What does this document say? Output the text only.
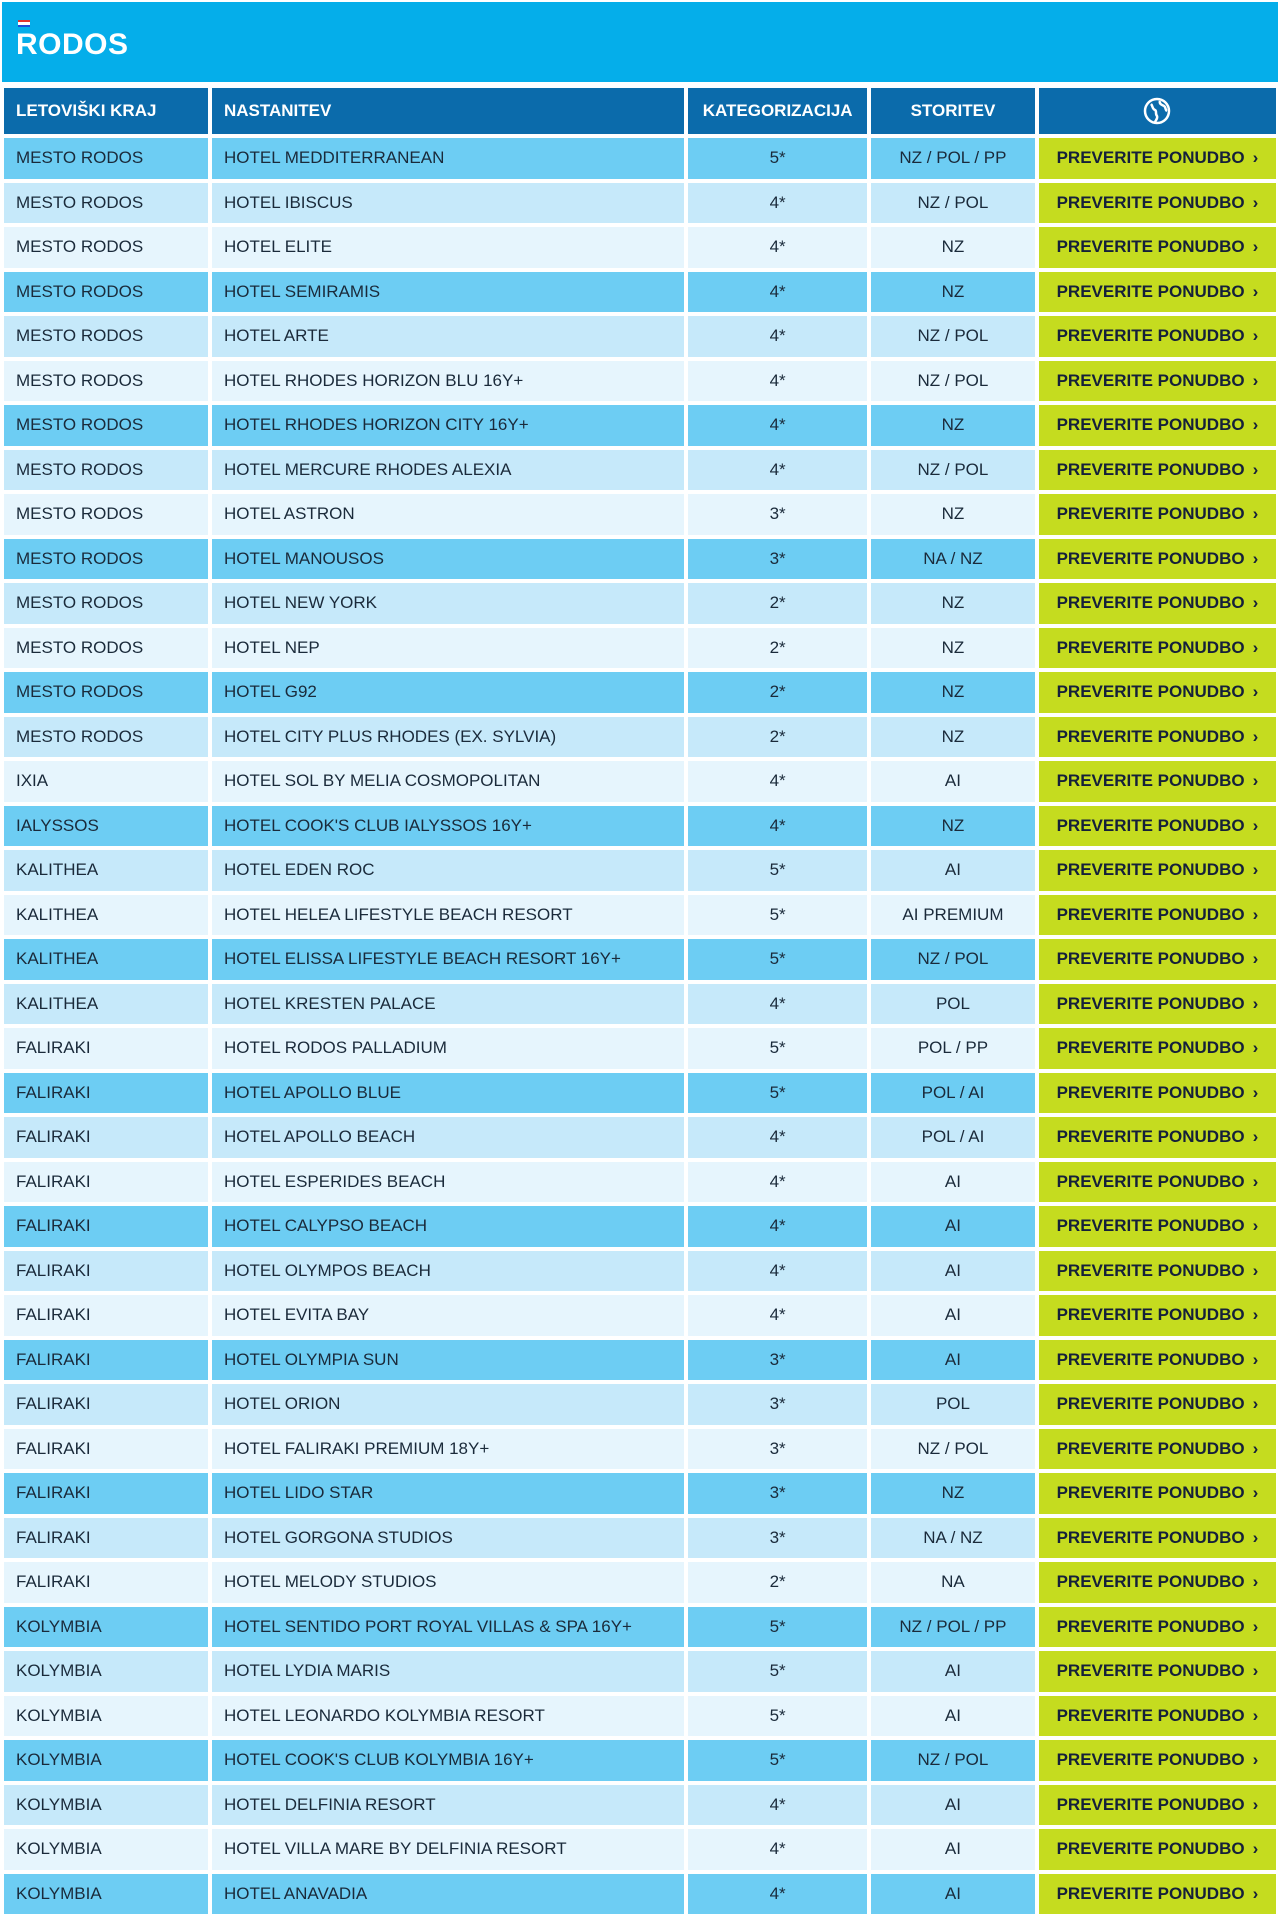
RODOS
LETOVIŠKI KRAJ	NASTANITEV	KATEGORIZACIJA	STORITEV	

MESTO RODOS	HOTEL MEDDITERRANEAN	5*	NZ / POL / PP	PREVERITE PONUDBO ›
MESTO RODOS	HOTEL IBISCUS	4*	NZ / POL	PREVERITE PONUDBO ›
MESTO RODOS	HOTEL ELITE	4*	NZ	PREVERITE PONUDBO ›
MESTO RODOS	HOTEL SEMIRAMIS	4*	NZ	PREVERITE PONUDBO ›
MESTO RODOS	HOTEL ARTE	4*	NZ / POL	PREVERITE PONUDBO ›
MESTO RODOS	HOTEL RHODES HORIZON BLU 16Y+	4*	NZ / POL	PREVERITE PONUDBO ›
MESTO RODOS	HOTEL RHODES HORIZON CITY 16Y+	4*	NZ	PREVERITE PONUDBO ›
MESTO RODOS	HOTEL MERCURE RHODES ALEXIA	4*	NZ / POL	PREVERITE PONUDBO ›
MESTO RODOS	HOTEL ASTRON	3*	NZ	PREVERITE PONUDBO ›
MESTO RODOS	HOTEL MANOUSOS	3*	NA / NZ	PREVERITE PONUDBO ›
MESTO RODOS	HOTEL NEW YORK	2*	NZ	PREVERITE PONUDBO ›
MESTO RODOS	HOTEL NEP	2*	NZ	PREVERITE PONUDBO ›
MESTO RODOS	HOTEL G92	2*	NZ	PREVERITE PONUDBO ›
MESTO RODOS	HOTEL CITY PLUS RHODES (EX. SYLVIA)	2*	NZ	PREVERITE PONUDBO ›
IXIA	HOTEL SOL BY MELIA COSMOPOLITAN	4*	AI	PREVERITE PONUDBO ›
IALYSSOS	HOTEL COOK'S CLUB IALYSSOS 16Y+	4*	NZ	PREVERITE PONUDBO ›
KALITHEA	HOTEL EDEN ROC	5*	AI	PREVERITE PONUDBO ›
KALITHEA	HOTEL HELEA LIFESTYLE BEACH RESORT	5*	AI PREMIUM	PREVERITE PONUDBO ›
KALITHEA	HOTEL ELISSA LIFESTYLE BEACH RESORT 16Y+	5*	NZ / POL	PREVERITE PONUDBO ›
KALITHEA	HOTEL KRESTEN PALACE	4*	POL	PREVERITE PONUDBO ›
FALIRAKI	HOTEL RODOS PALLADIUM	5*	POL / PP	PREVERITE PONUDBO ›
FALIRAKI	HOTEL APOLLO BLUE	5*	POL / AI	PREVERITE PONUDBO ›
FALIRAKI	HOTEL APOLLO BEACH	4*	POL / AI	PREVERITE PONUDBO ›
FALIRAKI	HOTEL ESPERIDES BEACH	4*	AI	PREVERITE PONUDBO ›
FALIRAKI	HOTEL CALYPSO BEACH	4*	AI	PREVERITE PONUDBO ›
FALIRAKI	HOTEL OLYMPOS BEACH	4*	AI	PREVERITE PONUDBO ›
FALIRAKI	HOTEL EVITA BAY	4*	AI	PREVERITE PONUDBO ›
FALIRAKI	HOTEL OLYMPIA SUN	3*	AI	PREVERITE PONUDBO ›
FALIRAKI	HOTEL ORION	3*	POL	PREVERITE PONUDBO ›
FALIRAKI	HOTEL FALIRAKI PREMIUM 18Y+	3*	NZ / POL	PREVERITE PONUDBO ›
FALIRAKI	HOTEL LIDO STAR	3*	NZ	PREVERITE PONUDBO ›
FALIRAKI	HOTEL GORGONA STUDIOS	3*	NA / NZ	PREVERITE PONUDBO ›
FALIRAKI	HOTEL MELODY STUDIOS	2*	NA	PREVERITE PONUDBO ›
KOLYMBIA	HOTEL SENTIDO PORT ROYAL VILLAS & SPA 16Y+	5*	NZ / POL / PP	PREVERITE PONUDBO ›
KOLYMBIA	HOTEL LYDIA MARIS	5*	AI	PREVERITE PONUDBO ›
KOLYMBIA	HOTEL LEONARDO KOLYMBIA RESORT	5*	AI	PREVERITE PONUDBO ›
KOLYMBIA	HOTEL COOK'S CLUB KOLYMBIA 16Y+	5*	NZ / POL	PREVERITE PONUDBO ›
KOLYMBIA	HOTEL DELFINIA RESORT	4*	AI	PREVERITE PONUDBO ›
KOLYMBIA	HOTEL VILLA MARE BY DELFINIA RESORT	4*	AI	PREVERITE PONUDBO ›
KOLYMBIA	HOTEL ANAVADIA	4*	AI	PREVERITE PONUDBO ›
